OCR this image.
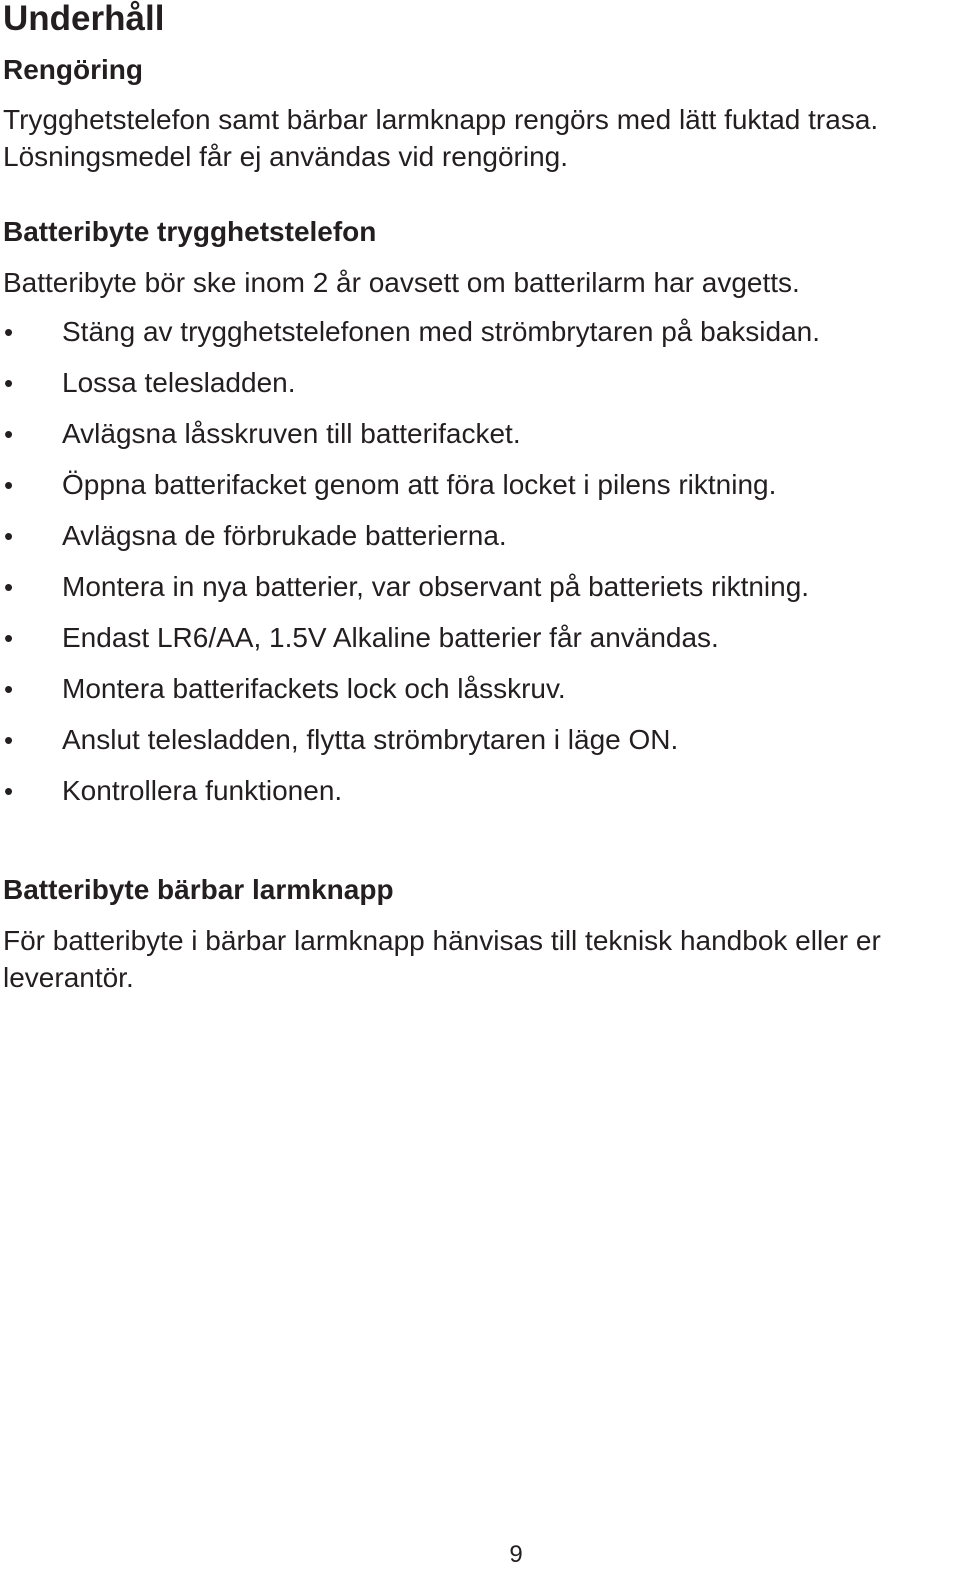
Underhåll
Rengöring

Trygghetstelefon samt bärbar larmknapp rengörs med lätt fuktad trasa. Lösningsmedel får ej användas vid rengöring.

Batteribyte trygghetstelefon

Batteribyte bör ske inom 2 år oavsett om batterilarm har avgetts.

• Stäng av trygghetstelefonen med strömbrytaren på baksidan.
• Lossa telesladden.
• Avlägsna låsskruven till batterifacket.
• Öppna batterifacket genom att föra locket i pilens riktning.
• Avlägsna de förbrukade batterierna.
• Montera in nya batterier, var observant på batteriets riktning.
• Endast LR6/AA, 1.5V Alkaline batterier får användas.
• Montera batterifackets lock och låsskruv.
• Anslut telesladden, flytta strömbrytaren i läge ON.
• Kontrollera funktionen.
Batteribyte bärbar larmknapp

För batteribyte i bärbar larmknapp hänvisas till teknisk handbok eller er leverantör.

9
